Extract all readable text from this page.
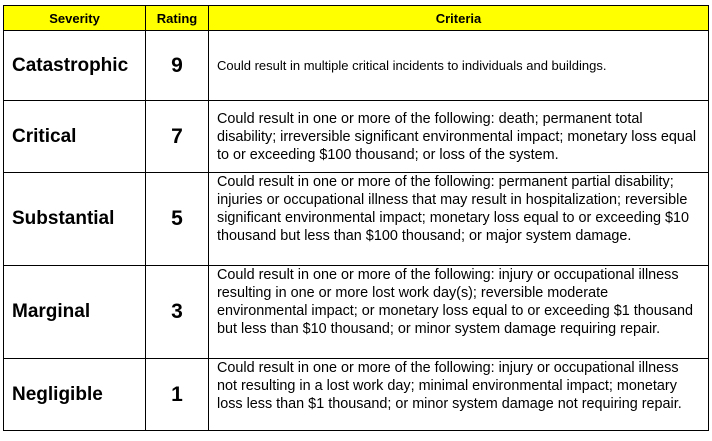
Severity	Rating	Criteria
Catastrophic	9	Could result in multiple critical incidents to individuals and buildings.
Critical	7	Could result in one or more of the following: death; permanent total disability; irreversible significant environmental impact; monetary loss equal to or exceeding $100 thousand; or loss of the system.
Substantial	5	Could result in one or more of the following: permanent partial disability; injuries or occupational illness that may result in hospitalization; reversible significant environmental impact; monetary loss equal to or exceeding $10 thousand but less than $100 thousand; or major system damage.

Marginal	3	Could result in one or more of the following: injury or occupational illness resulting in one or more lost work day(s); reversible moderate environmental impact; or monetary loss equal to or exceeding $1 thousand but less than $10 thousand; or minor system damage requiring repair.

Negligible	1	Could result in one or more of the following: injury or occupational illness not resulting in a lost work day; minimal environmental impact; monetary loss less than $1 thousand; or minor system damage not requiring repair.
